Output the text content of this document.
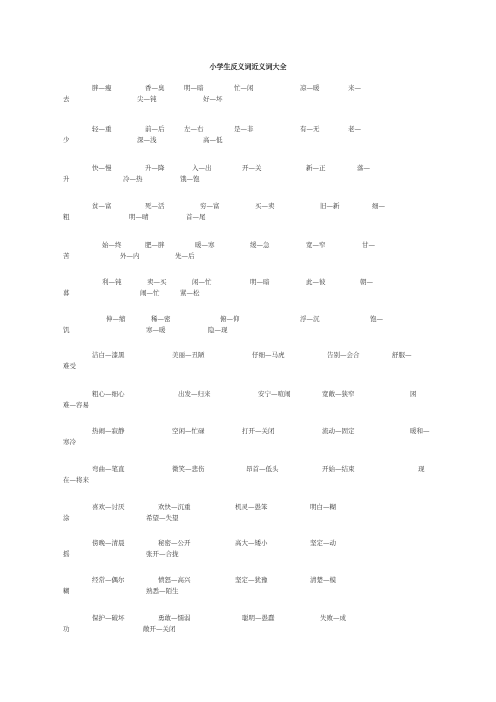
小学生反义词近义词大全
胖—瘦	香—臭	明—暗	忙—闲	凉—暖	来—
去	尖—钝	好—坏
轻—重	前—后	左—右	是—非	有—无	老—
少	深—浅	高—低
快—慢	升—降	入—出	开—关	新—正	落—
升	冷—热	饿—饱
贫—富	死—活	穷—富	买—卖	旧—新	细—
粗	明—晴	首—尾
始—终	肥—胖	暖—寒	缓—急	宽—窄	甘—
苦	外—内	先—后
利—钝	卖—买	闲—忙	明—暗	此—彼	朝—
暮	闹—忙	紧—松
伸—缩	稀—密	俯—仰	浮—沉	饱—
饥	寒—暖	隐—现
洁白—漆黑	美丽—丑陋	仔细—马虎	告别—会合	舒服—
难受
粗心—细心	出发—归来	安宁—喧闹	宽敞—狭窄	困
难—容易
热闹—寂静	空闲—忙碌	打开—关闭	流动—固定	暖和—
寒冷
弯曲—笔直	微笑—悲伤	昂首—低头	开始—结束	现
在—将来
喜欢—讨厌	欢快—沉重	机灵—愚笨	明白—糊
涂	希望—失望
傍晚—清晨	秘密—公开	高大—矮小	坚定—动
摇	张开—合拢
经常—偶尔	愤怒—高兴	坚定—犹豫	清楚—模
糊	熟悉—陌生
保护—破坏	勇敢—懦弱	聪明—愚蠢	失败—成
功	敞开—关闭
